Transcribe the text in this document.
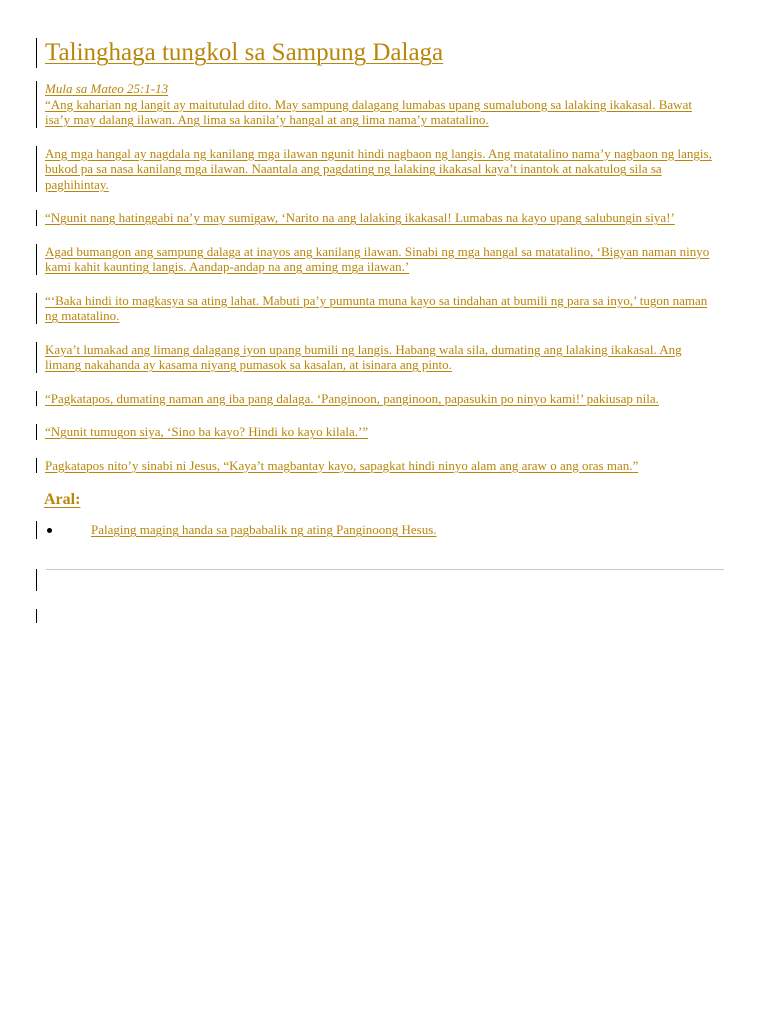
Talinghaga tungkol sa Sampung Dalaga

Mula sa Mateo 25:1-13
“Ang kaharian ng langit ay maitutulad dito. May sampung dalagang lumabas upang sumalubong sa lalaking ikakasal. Bawat isa’y may dalang ilawan. Ang lima sa kanila’y hangal at ang lima nama’y matatalino.

Ang mga hangal ay nagdala ng kanilang mga ilawan ngunit hindi nagbaon ng langis. Ang matatalino nama’y nagbaon ng langis, bukod pa sa nasa kanilang mga ilawan. Naantala ang pagdating ng lalaking ikakasal kaya’t inantok at nakatulog sila sa paghihintay.

“Ngunit nang hatinggabi na’y may sumigaw, ‘Narito na ang lalaking ikakasal! Lumabas na kayo upang salubungin siya!’

Agad bumangon ang sampung dalaga at inayos ang kanilang ilawan. Sinabi ng mga hangal sa matatalino, ‘Bigyan naman ninyo kami kahit kaunting langis. Aandap-andap na ang aming mga ilawan.’

“‘Baka hindi ito magkasya sa ating lahat. Mabuti pa’y pumunta muna kayo sa tindahan at bumili ng para sa inyo,’ tugon naman ng matatalino.

Kaya’t lumakad ang limang dalagang iyon upang bumili ng langis. Habang wala sila, dumating ang lalaking ikakasal. Ang limang nakahanda ay kasama niyang pumasok sa kasalan, at isinara ang pinto.

“Pagkatapos, dumating naman ang iba pang dalaga. ‘Panginoon, panginoon, papasukin po ninyo kami!’ pakiusap nila.

“Ngunit tumugon siya, ‘Sino ba kayo? Hindi ko kayo kilala.’”

Pagkatapos nito’y sinabi ni Jesus, “Kaya’t magbantay kayo, sapagkat hindi ninyo alam ang araw o ang oras man.”

Aral:
Palaging maging handa sa pagbabalik ng ating Panginoong Hesus.
